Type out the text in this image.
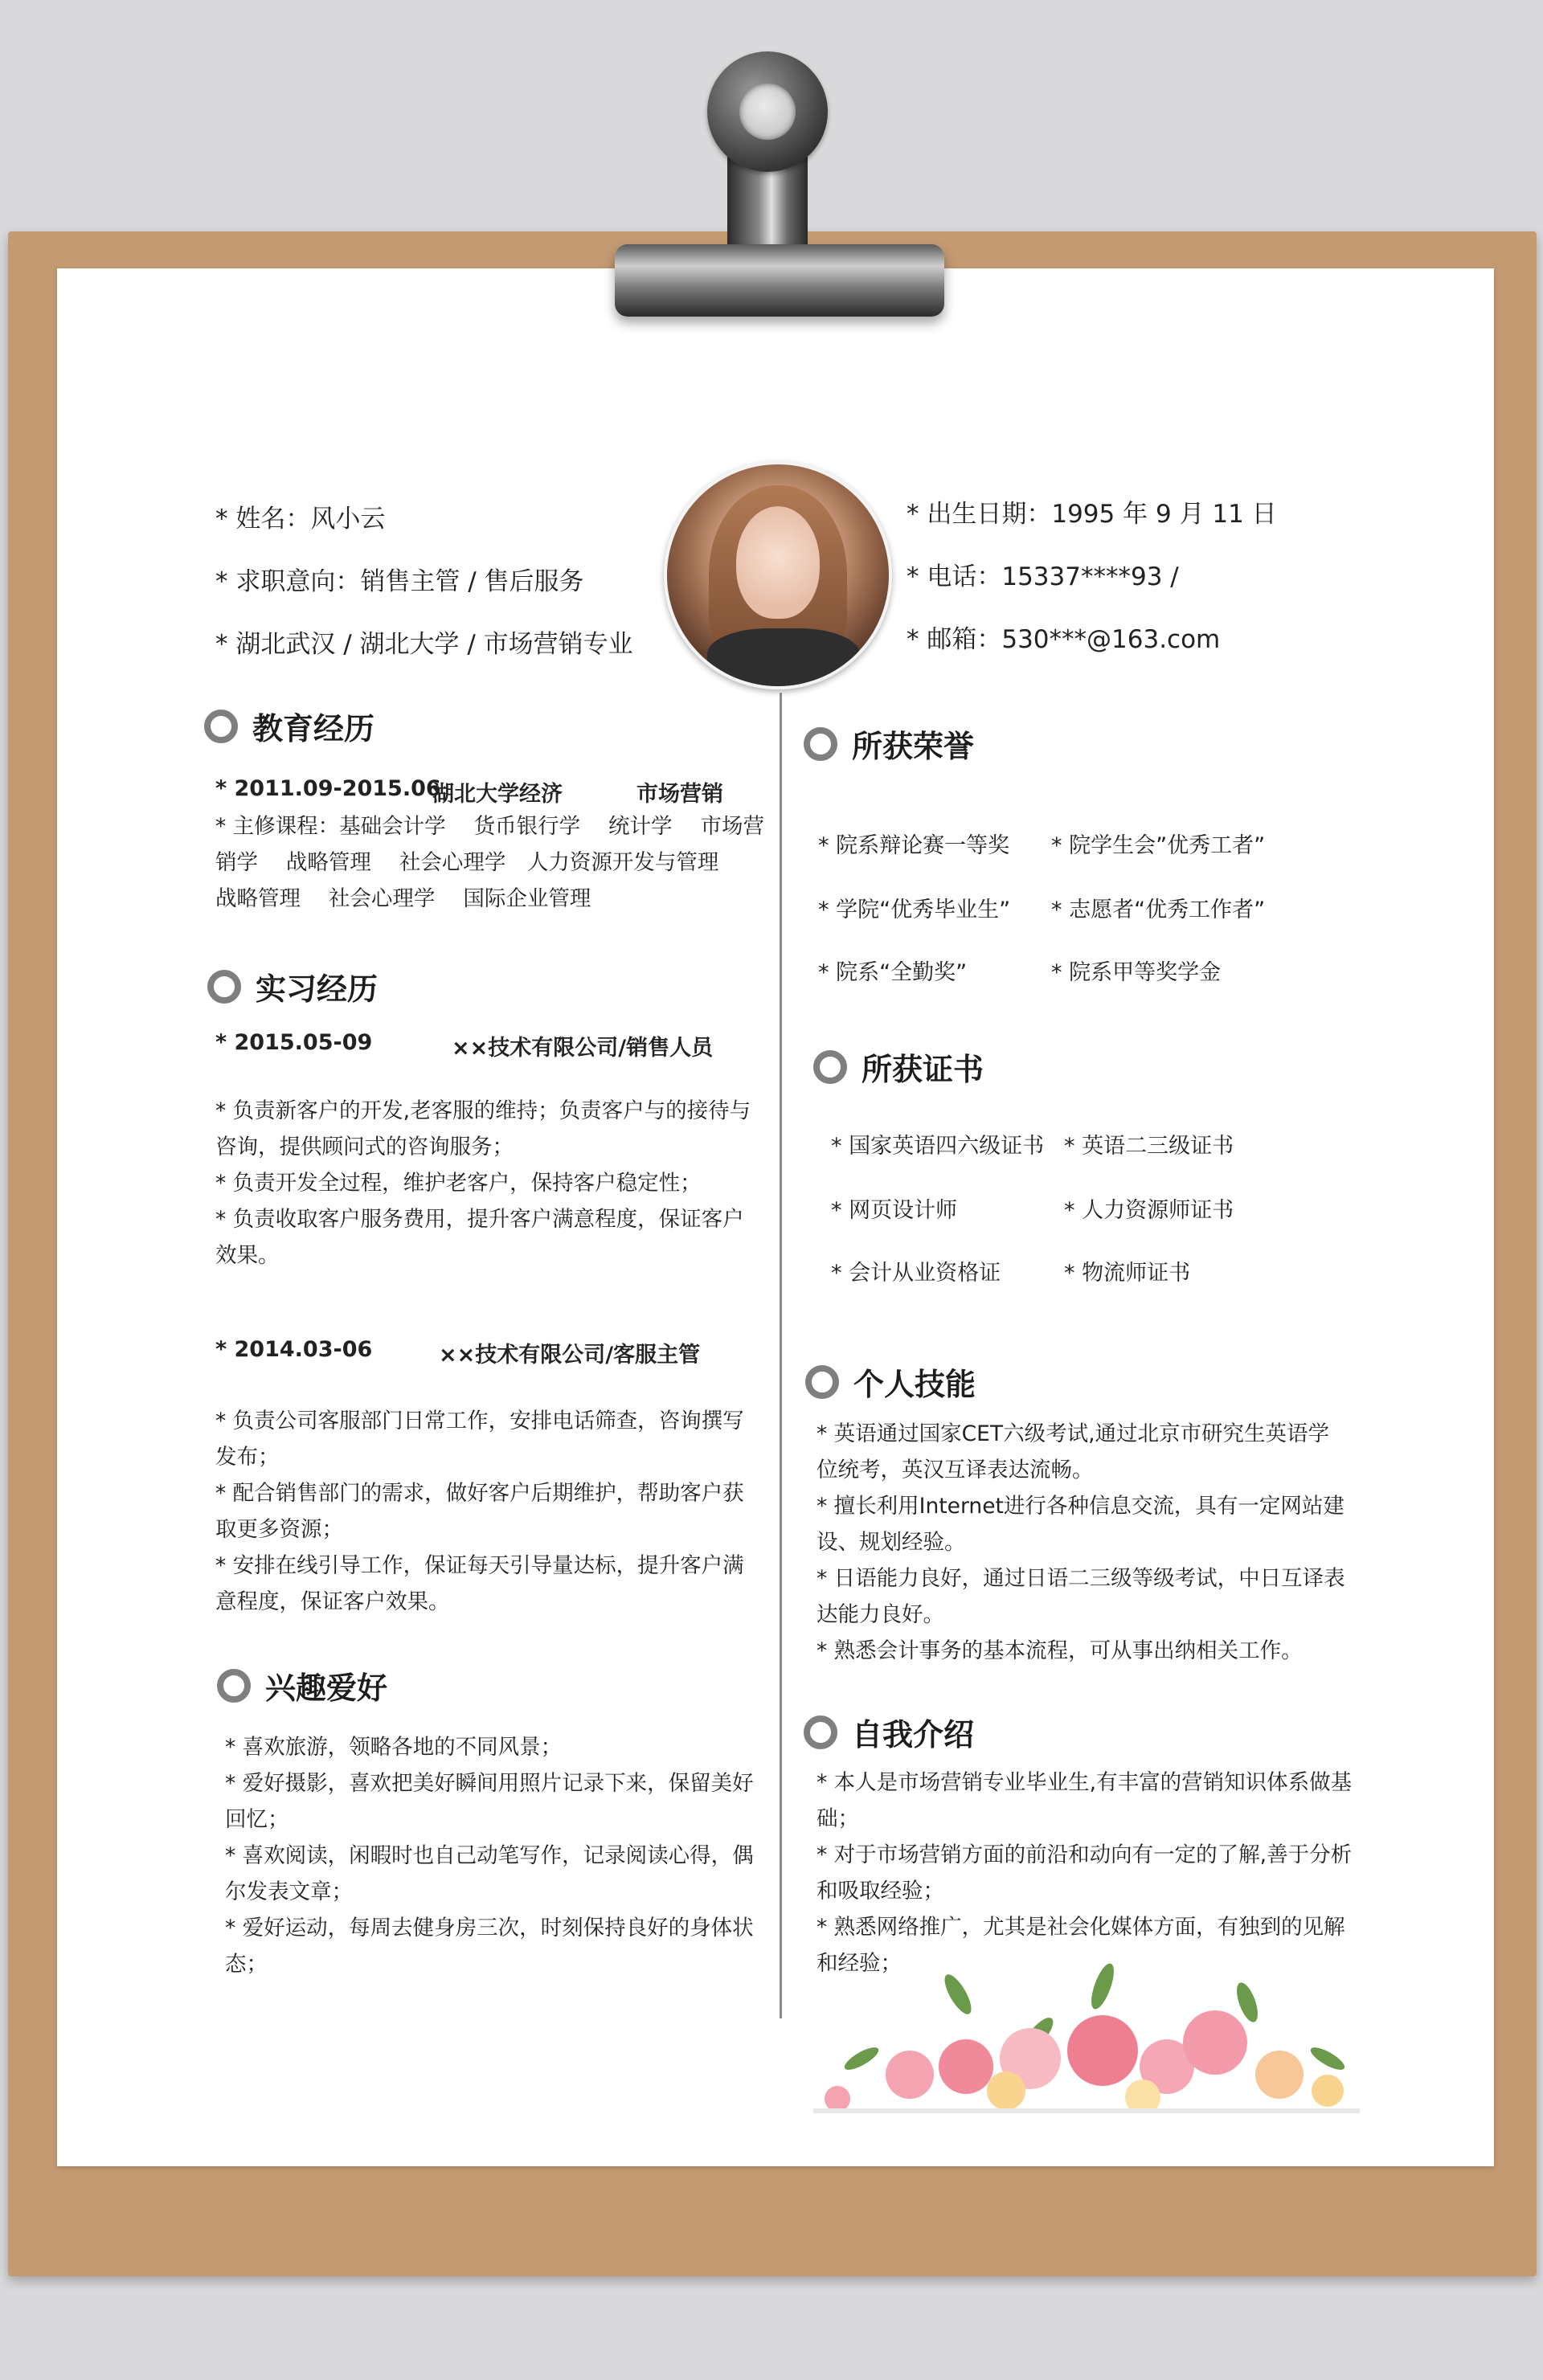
* 姓名：风小云
* 求职意向：销售主管 / 售后服务
* 湖北武汉 / 湖北大学 / 市场营销专业
* 出生日期：1995 年 9 月 11 日
* 电话：15337****93 /
* 邮箱：530***@163.com
教育经历
* 2011.09-2015.06
湖北大学经济	市场营销
* 主修课程：基础会计学　 货币银行学　 统计学　 市场营销学　 战略管理　 社会心理学　人力资源开发与管理　 战略管理　 社会心理学　 国际企业管理
实习经历
* 2015.05-09	××技术有限公司/销售人员
* 负责新客户的开发,老客服的维持；负责客户与的接待与咨询，提供顾问式的咨询服务；
* 负责开发全过程，维护老客户，保持客户稳定性；
* 负责收取客户服务费用，提升客户满意程度，保证客户效果。
* 2014.03-06	××技术有限公司/客服主管
* 负责公司客服部门日常工作，安排电话筛查，咨询撰写发布；
* 配合销售部门的需求，做好客户后期维护，帮助客户获取更多资源；
* 安排在线引导工作，保证每天引导量达标，提升客户满意程度，保证客户效果。
兴趣爱好
* 喜欢旅游，领略各地的不同风景；
* 爱好摄影，喜欢把美好瞬间用照片记录下来，保留美好回忆；
* 喜欢阅读，闲暇时也自己动笔写作，记录阅读心得，偶尔发表文章；
* 爱好运动，每周去健身房三次，时刻保持良好的身体状态；
所获荣誉
* 院系辩论赛一等奖 * 院学生会”优秀工者”
* 学院“优秀毕业生” * 志愿者“优秀工作者”
* 院系“全勤奖”	* 院系甲等奖学金
所获证书
* 国家英语四六级证书 * 英语二三级证书
* 网页设计师	* 人力资源师证书
* 会计从业资格证	* 物流师证书
个人技能
* 英语通过国家CET六级考试,通过北京市研究生英语学位统考，英汉互译表达流畅。
* 擅长利用Internet进行各种信息交流，具有一定网站建设、规划经验。
* 日语能力良好，通过日语二三级等级考试，中日互译表达能力良好。
* 熟悉会计事务的基本流程，可从事出纳相关工作。
自我介绍
* 本人是市场营销专业毕业生,有丰富的营销知识体系做基础；
* 对于市场营销方面的前沿和动向有一定的了解,善于分析和吸取经验；
* 熟悉网络推广，尤其是社会化媒体方面，有独到的见解和经验；
